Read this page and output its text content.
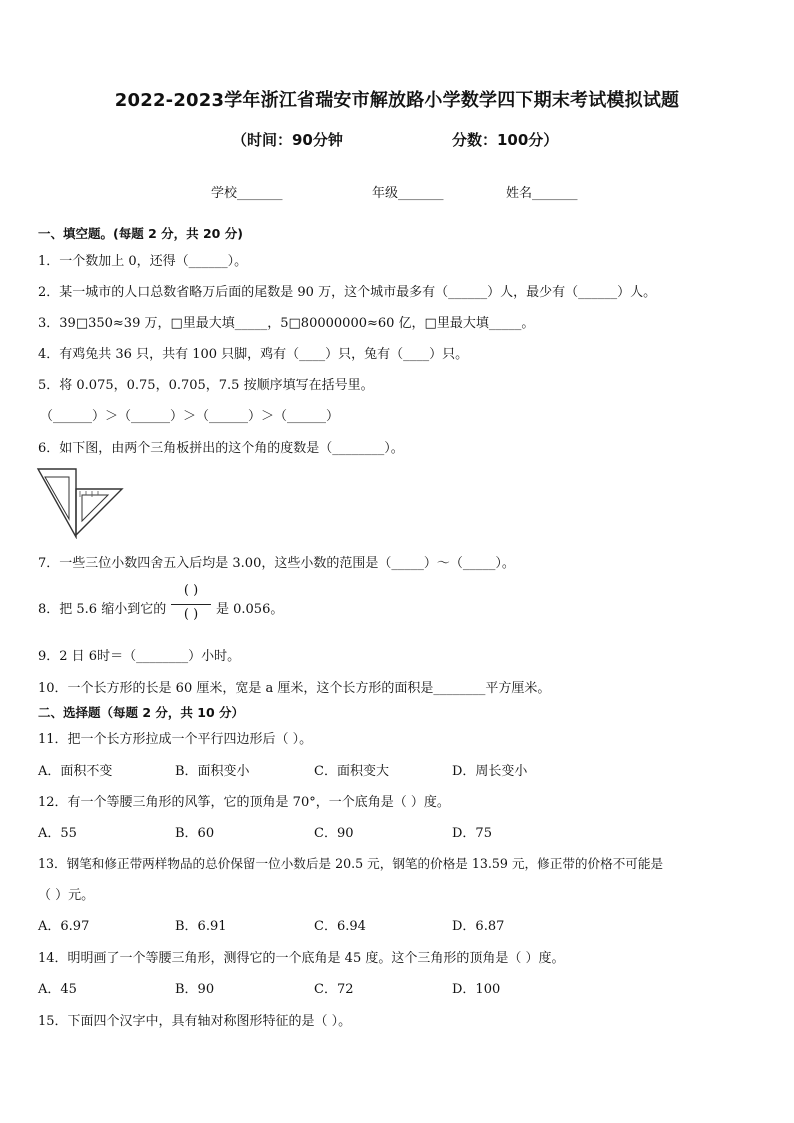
2022-2023学年浙江省瑞安市解放路小学数学四下期末考试模拟试题
（时间：90分钟	分数：100分）
学校_______	年级_______	姓名_______
一、填空题。(每题 2 分，共 20 分)
1．一个数加上 0，还得（______）。
2．某一城市的人口总数省略万后面的尾数是 90 万，这个城市最多有（______）人，最少有（______）人。
3．39□350≈39 万，□里最大填_____，5□80000000≈60 亿，□里最大填_____。
4．有鸡兔共 36 只，共有 100 只脚，鸡有（____）只，兔有（____）只。
5．将 0.075，0.75，0.705，7.5 按顺序填写在括号里。
（______）＞（______）＞（______）＞（______）
6．如下图，由两个三角板拼出的这个角的度数是（________）。
7．一些三位小数四舍五入后均是 3.00，这些小数的范围是（_____）～（_____）。
8．把 5.6 缩小到它的
( )
( )	是 0.056。
9．2 日 6时＝（________）小时。
10．一个长方形的长是 60 厘米，宽是 a 厘米，这个长方形的面积是________平方厘米。
二、选择题（每题 2 分，共 10 分）
11．把一个长方形拉成一个平行四边形后（ ）。
A．面积不变	B．面积变小	C．面积变大	D．周长变小
12．有一个等腰三角形的风筝，它的顶角是 70°，一个底角是（ ）度。
A．55	B．60	C．90	D．75
13．钢笔和修正带两样物品的总价保留一位小数后是 20.5 元，钢笔的价格是 13.59 元，修正带的价格不可能是
（ ）元。
A．6.97	B．6.91	C．6.94	D．6.87
14．明明画了一个等腰三角形，测得它的一个底角是 45 度。这个三角形的顶角是（ ）度。
A．45	B．90	C．72	D．100
15．下面四个汉字中，具有轴对称图形特征的是（ ）。
